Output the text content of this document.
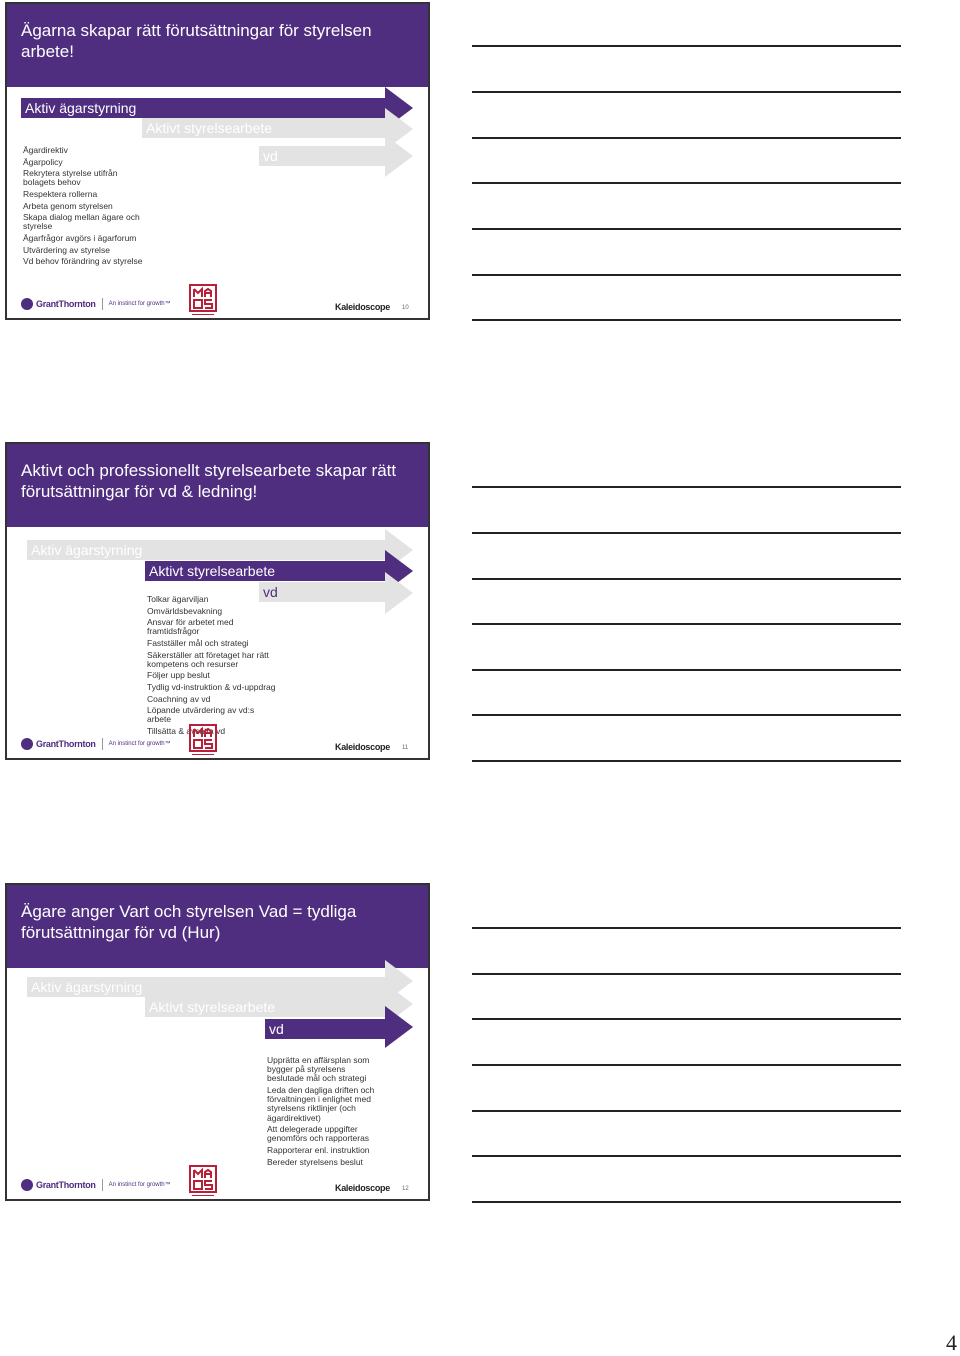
Ägarna skapar rätt förutsättningar för styrelsen arbete!
Aktiv ägarstyrning
Aktivt styrelsearbete
vd
Ägardirektiv
Ägarpolicy
Rekrytera styrelse utifrån bolagets behov
Respektera rollerna
Arbeta genom styrelsen
Skapa dialog mellan ägare och styrelse
Ägarfrågor avgörs i ägarforum
Utvärdering av styrelse
Vd behov förändring av styrelse
GrantThornton An instinct for growth™	Kaleidoscope 10
Aktivt och professionellt styrelsearbete skapar rätt förutsättningar för vd & ledning!
Aktiv ägarstyrning
Aktivt styrelsearbete
vd
Tolkar ägarviljan
Omvärldsbevakning
Ansvar för arbetet med framtidsfrågor
Fastställer mål och strategi
Säkerställer att företaget har rätt kompetens och resurser
Följer upp beslut
Tydlig vd-instruktion & vd-uppdrag
Coachning av vd
Löpande utvärdering av vd:s arbete
Tillsätta & avsätta vd
GrantThornton An instinct for growth™	Kaleidoscope 11
Ägare anger Vart och styrelsen Vad = tydliga förutsättningar för vd (Hur)
Aktiv ägarstyrning
Aktivt styrelsearbete
vd
Upprätta en affärsplan som bygger på styrelsens beslutade mål och strategi
Leda den dagliga driften och förvaltningen i enlighet med styrelsens riktlinjer (och ägardirektivet)
Att delegerade uppgifter genomförs och rapporteras
Rapporterar enl. instruktion
Bereder styrelsens beslut
GrantThornton An instinct for growth™	Kaleidoscope 12
4
